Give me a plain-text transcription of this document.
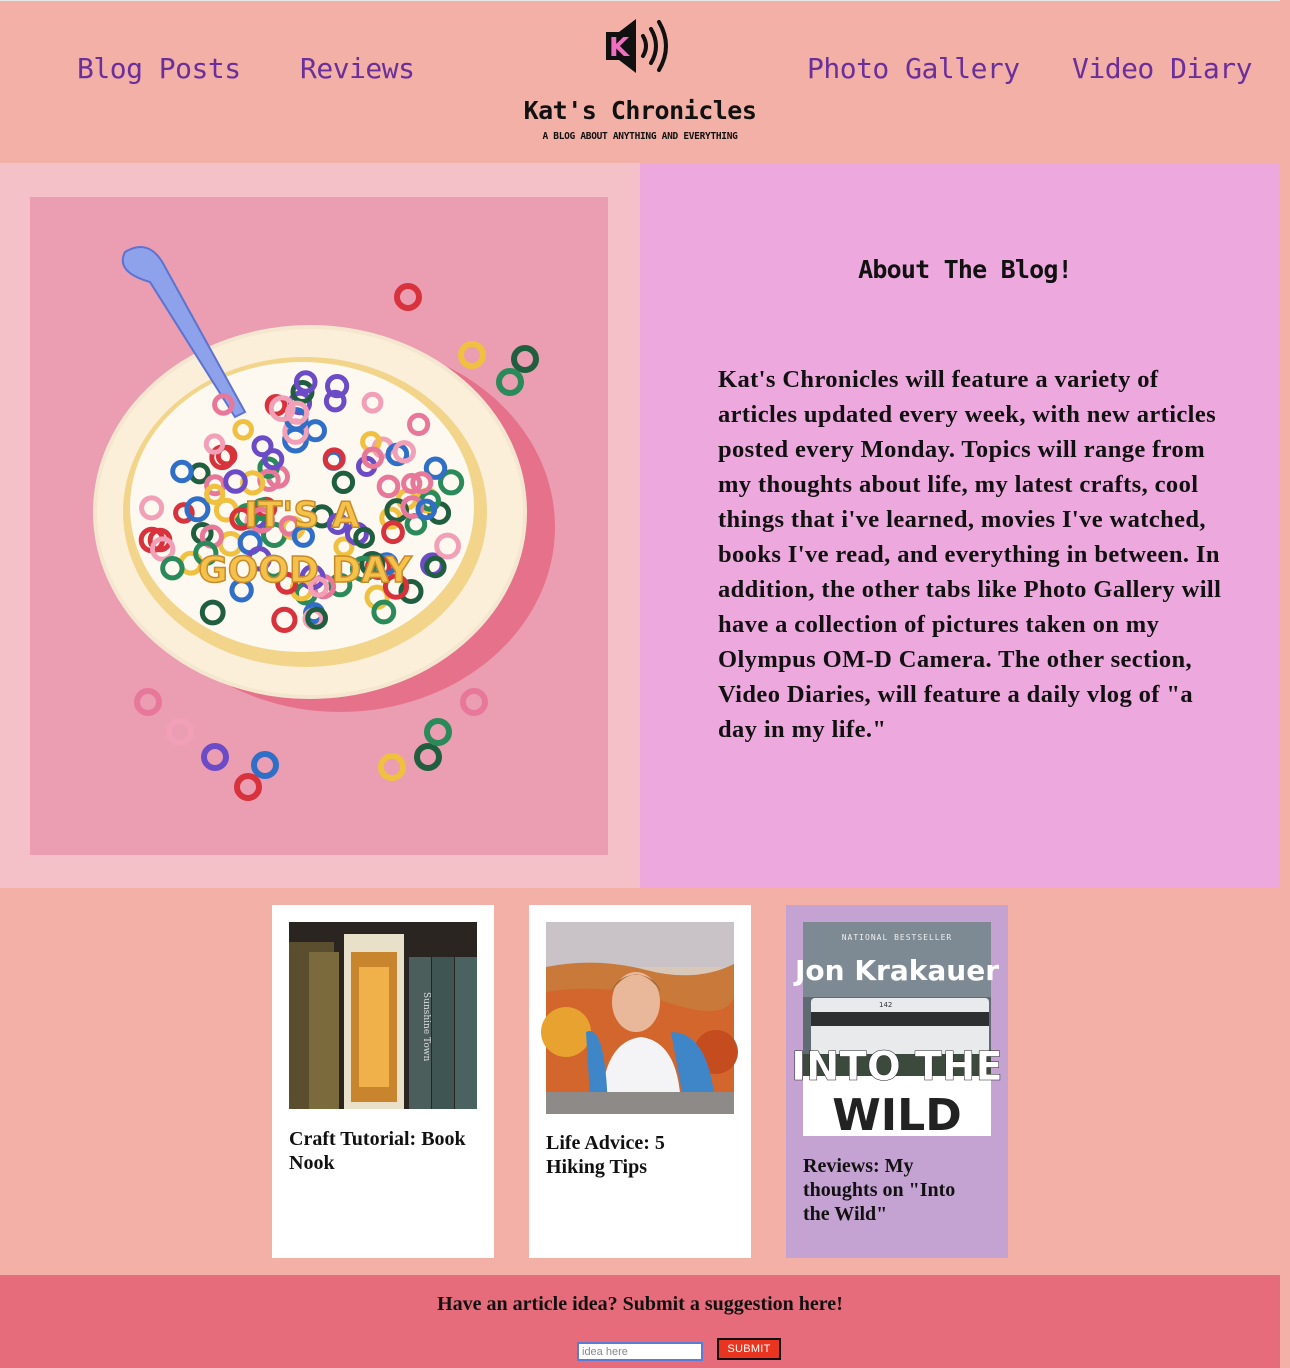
Blog Posts Reviews	Photo Gallery Video Diary
K
Kat's Chronicles
A BLOG ABOUT ANYTHING AND EVERYTHING
IT'S A
GOOD DAY
About The Blog!
Kat's Chronicles will feature a variety of articles updated every week, with new articles posted every Monday. Topics will range from my thoughts about life, my latest crafts, cool things that i've learned, movies I've watched, books I've read, and everything in between. In addition, the other tabs like Photo Gallery will have a collection of pictures taken on my Olympus OM-D Camera. The other section, Video Diaries, will feature a daily vlog of "a day in my life."
Sunshine Town
Craft Tutorial: Book Nook
Life Advice: 5 Hiking Tips
NATIONAL BESTSELLER
Jon Krakauer
142
INTO THE
WILD
Reviews: My thoughts on "Into the Wild"
Have an article idea? Submit a suggestion here!
idea here
SUBMIT
